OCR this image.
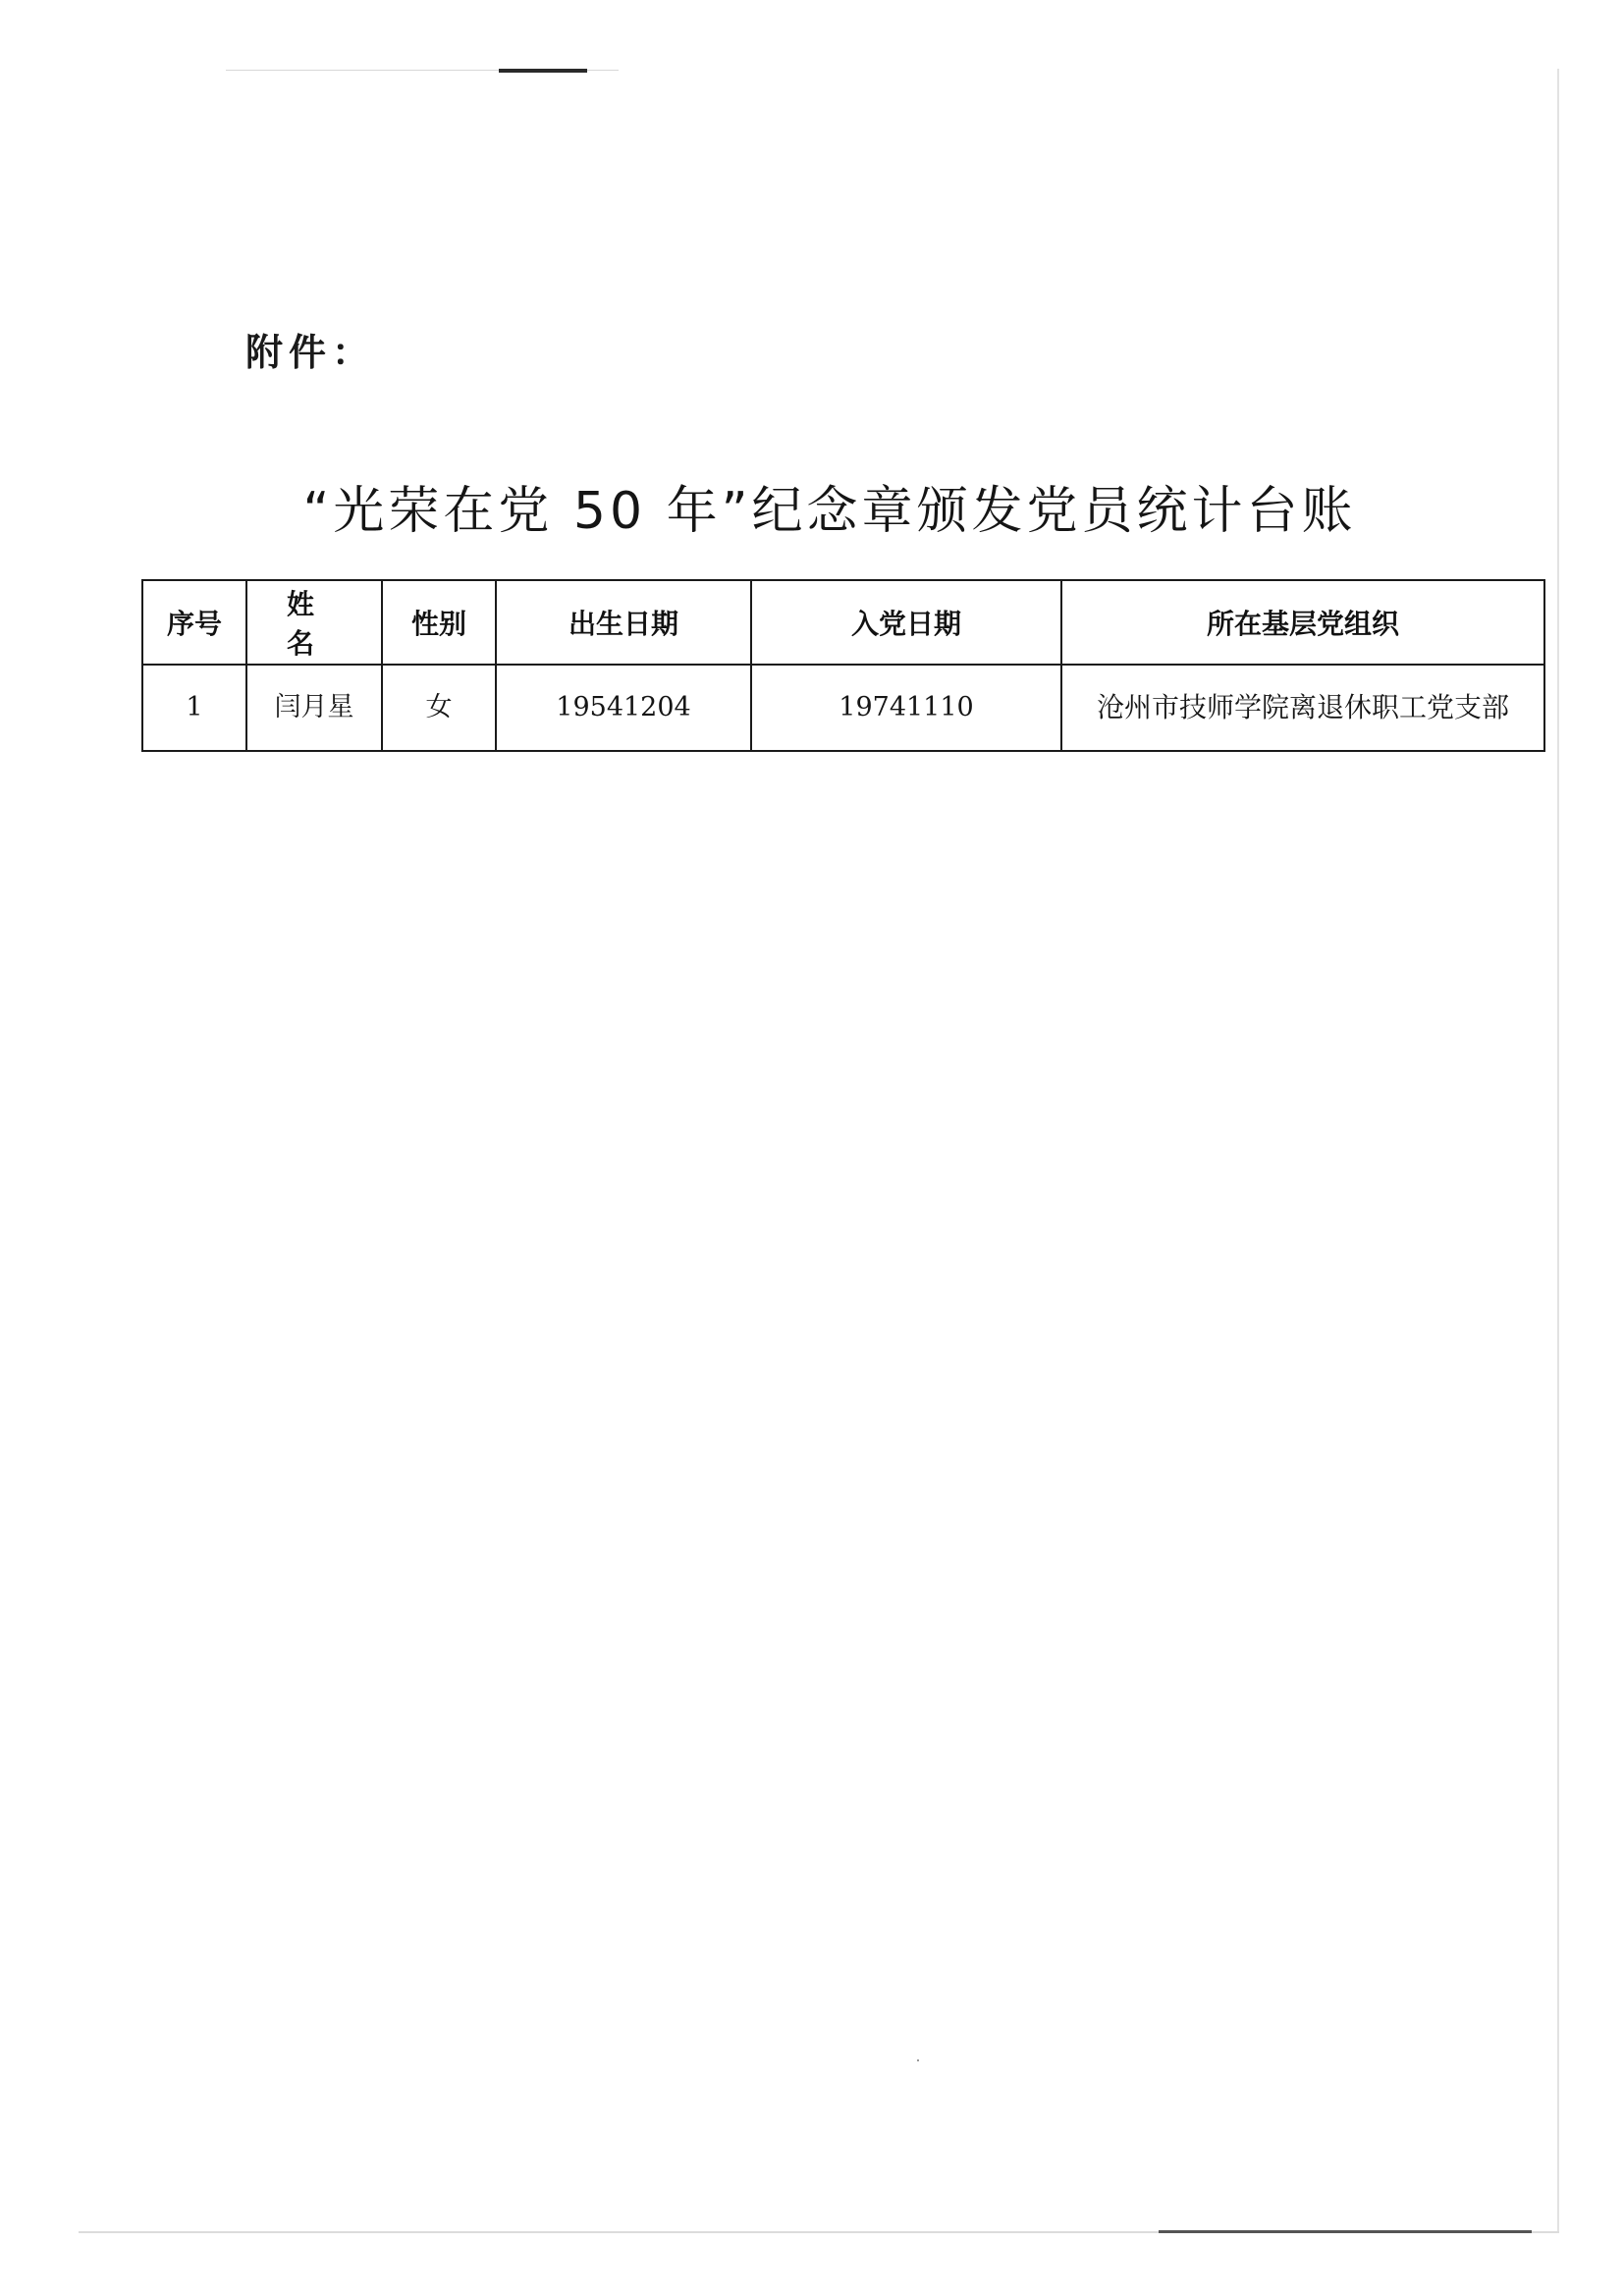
附件：
“光荣在党 50 年”纪念章颁发党员统计台账
序号	姓 名	性别	出生日期	入党日期	所在基层党组织
1	闫月星	女	19541204	19741110	沧州市技师学院离退休职工党支部
